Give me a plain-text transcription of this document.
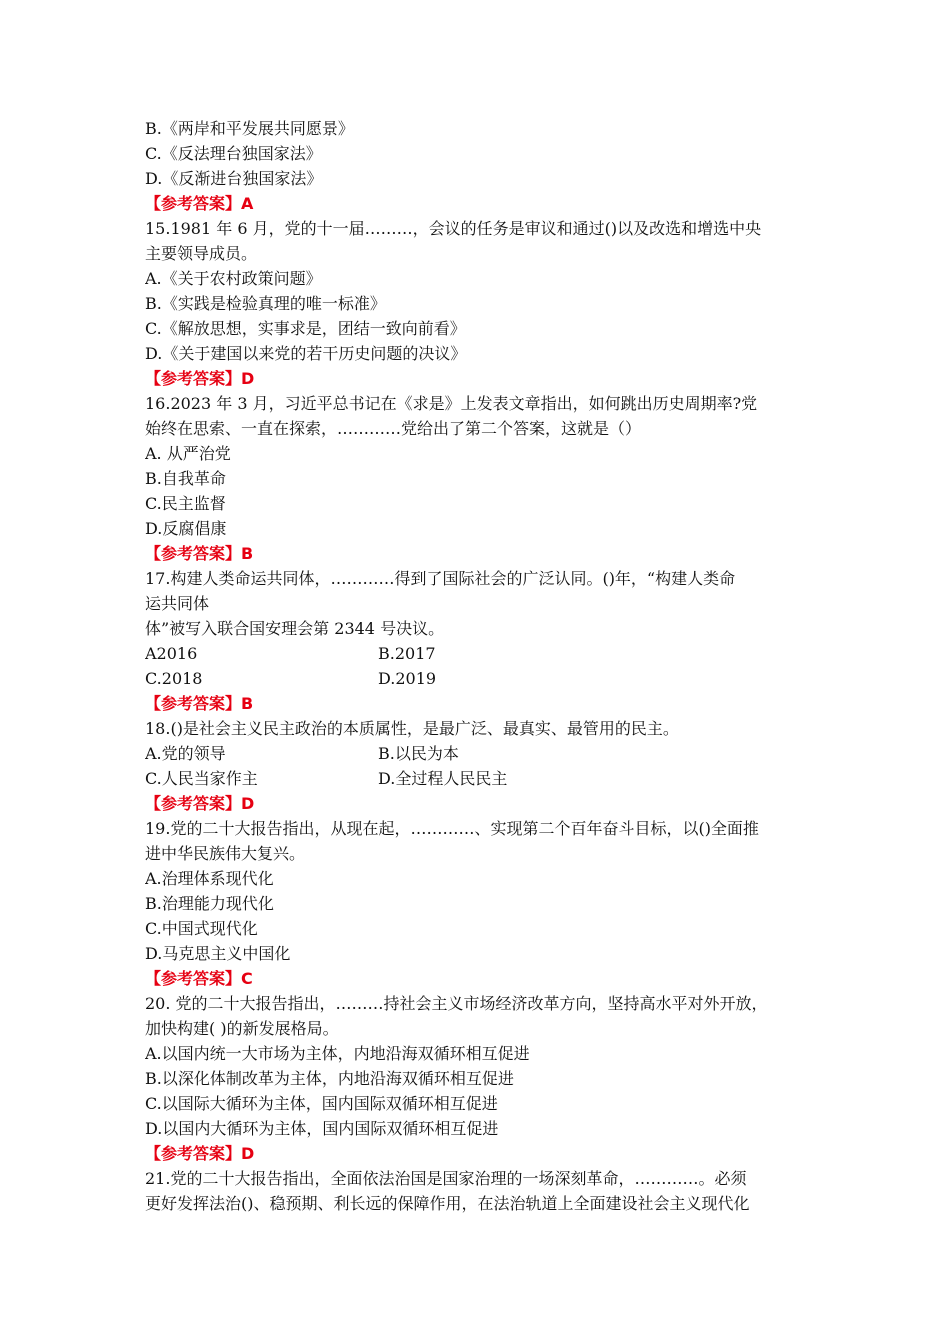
B.《两岸和平发展共同愿景》
C.《反法理台独国家法》
D.《反渐进台独国家法》
【参考答案】A
15.1981 年 6 月，党的十一届………，会议的任务是审议和通过()以及改选和增选中央
主要领导成员。
A.《关于农村政策问题》
B.《实践是检验真理的唯一标准》
C.《解放思想，实事求是，团结一致向前看》
D.《关于建国以来党的若干历史问题的决议》
【参考答案】D
16.2023 年 3 月，习近平总书记在《求是》上发表文章指出，如何跳出历史周期率?党
始终在思索、一直在探索，…………党给出了第二个答案，这就是（）
A. 从严治党
B.自我革命
C.民主监督
D.反腐倡康
【参考答案】B
17.构建人类命运共同体，…………得到了国际社会的广泛认同。()年，“构建人类命
运共同体
体”被写入联合国安理会第 2344 号决议。
A2016	B.2017
C.2018	D.2019
【参考答案】B
18.()是社会主义民主政治的本质属性，是最广泛、最真实、最管用的民主。
A.党的领导	B.以民为本
C.人民当家作主	D.全过程人民民主
【参考答案】D
19.党的二十大报告指出，从现在起，…………、实现第二个百年奋斗目标，以()全面推
进中华民族伟大复兴。
A.治理体系现代化
B.治理能力现代化
C.中国式现代化
D.马克思主义中国化
【参考答案】C
20. 党的二十大报告指出，………持社会主义市场经济改革方向，坚持高水平对外开放，
加快构建( )的新发展格局。
A.以国内统一大市场为主体，内地沿海双循环相互促进
B.以深化体制改革为主体，内地沿海双循环相互促进
C.以国际大循环为主体，国内国际双循环相互促进
D.以国内大循环为主体，国内国际双循环相互促进
【参考答案】D
21.党的二十大报告指出，全面依法治国是国家治理的一场深刻革命，…………。必须
更好发挥法治()、稳预期、利长远的保障作用，在法治轨道上全面建设社会主义现代化
